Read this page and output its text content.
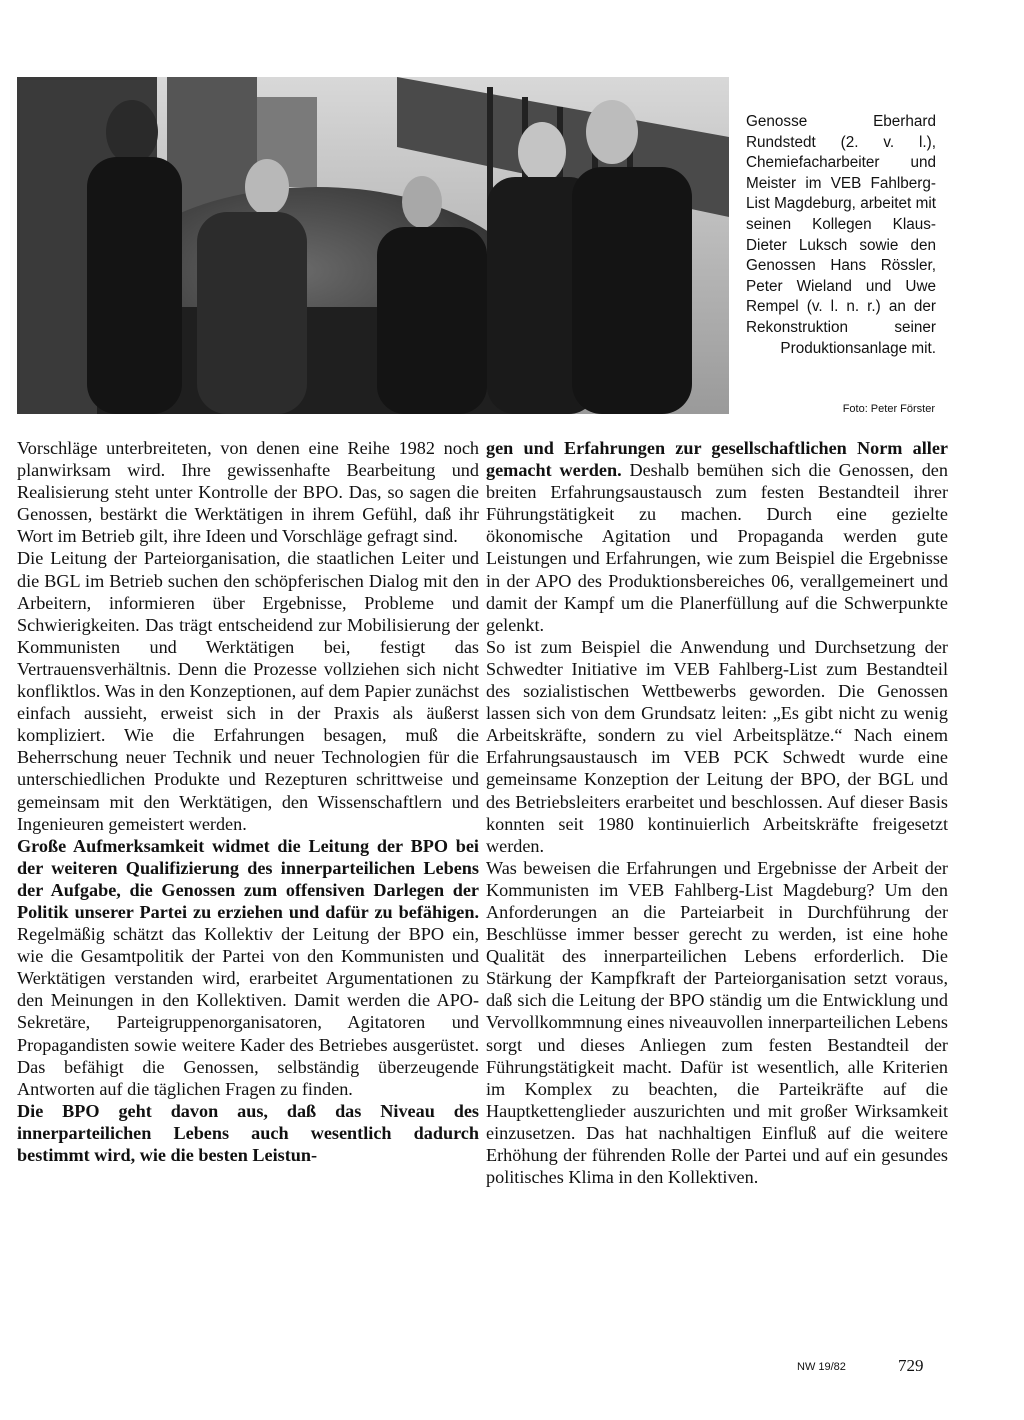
Genosse Eberhard Rundstedt (2. v. l.), Chemiefacharbeiter und Meister im VEB Fahlberg-List Magdeburg, arbeitet mit seinen Kollegen Klaus-Dieter Luksch sowie den Genossen Hans Rössler, Peter Wieland und Uwe Rempel (v. l. n. r.) an der Rekonstruktion seiner Produktionsanlage mit.
Foto: Peter Förster

Vorschläge unterbreiteten, von denen eine Reihe 1982 noch planwirksam wird. Ihre gewissenhafte Bearbeitung und Realisierung steht unter Kontrolle der BPO. Das, so sagen die Genossen, bestärkt die Werktätigen in ihrem Gefühl, daß ihr Wort im Betrieb gilt, ihre Ideen und Vorschläge gefragt sind.

Die Leitung der Parteiorganisation, die staatlichen Leiter und die BGL im Betrieb suchen den schöpferischen Dialog mit den Arbeitern, informieren über Ergebnisse, Probleme und Schwierigkeiten. Das trägt entscheidend zur Mobilisierung der Kommunisten und Werktätigen bei, festigt das Vertrauensverhältnis. Denn die Prozesse vollziehen sich nicht konfliktlos. Was in den Konzeptionen, auf dem Papier zunächst einfach aussieht, erweist sich in der Praxis als äußerst kompliziert. Wie die Erfahrungen besagen, muß die Beherrschung neuer Technik und neuer Technologien für die unterschiedlichen Produkte und Rezepturen schrittweise und gemeinsam mit den Werktätigen, den Wissenschaftlern und Ingenieuren gemeistert werden.

Große Aufmerksamkeit widmet die Leitung der BPO bei der weiteren Qualifizierung des innerparteilichen Lebens der Aufgabe, die Genossen zum offensiven Darlegen der Politik unserer Partei zu erziehen und dafür zu befähigen. Regelmäßig schätzt das Kollektiv der Leitung der BPO ein, wie die Gesamtpolitik der Partei von den Kommunisten und Werktätigen verstanden wird, erarbeitet Argumentationen zu den Meinungen in den Kollektiven. Damit werden die APO-Sekretäre, Parteigruppenorganisatoren, Agitatoren und Propagandisten sowie weitere Kader des Betriebes ausgerüstet. Das befähigt die Genossen, selbständig überzeugende Antworten auf die täglichen Fragen zu finden.

Die BPO geht davon aus, daß das Niveau des innerparteilichen Lebens auch wesentlich dadurch bestimmt wird, wie die besten Leistun-

gen und Erfahrungen zur gesellschaftlichen Norm aller gemacht werden. Deshalb bemühen sich die Genossen, den breiten Erfahrungsaustausch zum festen Bestandteil ihrer Führungstätigkeit zu machen. Durch eine gezielte ökonomische Agitation und Propaganda werden gute Leistungen und Erfahrungen, wie zum Beispiel die Ergebnisse in der APO des Produktionsbereiches 06, verallgemeinert und damit der Kampf um die Planerfüllung auf die Schwerpunkte gelenkt.

So ist zum Beispiel die Anwendung und Durchsetzung der Schwedter Initiative im VEB Fahlberg-List zum Bestandteil des sozialistischen Wettbewerbs geworden. Die Genossen lassen sich von dem Grundsatz leiten: „Es gibt nicht zu wenig Arbeitskräfte, sondern zu viel Arbeitsplätze.“ Nach einem Erfahrungsaustausch im VEB PCK Schwedt wurde eine gemeinsame Konzeption der Leitung der BPO, der BGL und des Betriebsleiters erarbeitet und beschlossen. Auf dieser Basis konnten seit 1980 kontinuierlich Arbeitskräfte freigesetzt werden.

Was beweisen die Erfahrungen und Ergebnisse der Arbeit der Kommunisten im VEB Fahlberg-List Magdeburg? Um den Anforderungen an die Parteiarbeit in Durchführung der Beschlüsse immer besser gerecht zu werden, ist eine hohe Qualität des innerparteilichen Lebens erforderlich. Die Stärkung der Kampfkraft der Parteiorganisation setzt voraus, daß sich die Leitung der BPO ständig um die Entwicklung und Vervollkommnung eines niveauvollen innerparteilichen Lebens sorgt und dieses Anliegen zum festen Bestandteil der Führungstätigkeit macht. Dafür ist wesentlich, alle Kriterien im Komplex zu beachten, die Parteikräfte auf die Hauptkettenglieder auszurichten und mit großer Wirksamkeit einzusetzen. Das hat nachhaltigen Einfluß auf die weitere Erhöhung der führenden Rolle der Partei und auf ein gesundes politisches Klima in den Kollektiven.

NW 19/82	729
